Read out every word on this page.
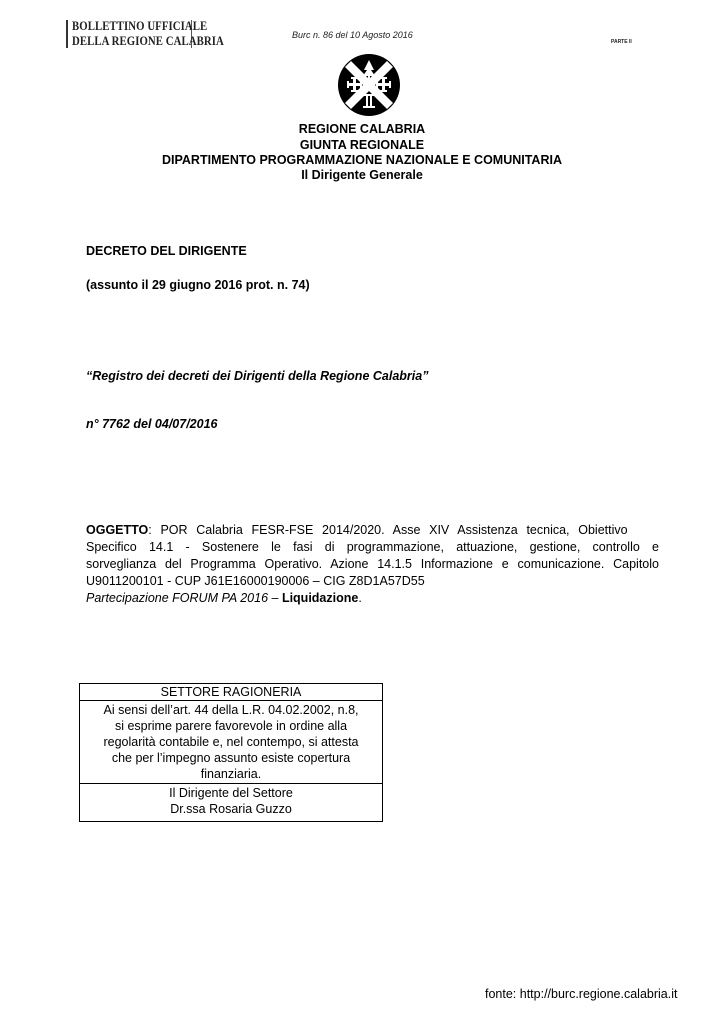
BOLLETTINO UFFICIALE
DELLA REGIONE CALABRIA	Burc n. 86 del 10 Agosto 2016
PARTE II
REGIONE CALABRIA
GIUNTA REGIONALE
DIPARTIMENTO PROGRAMMAZIONE NAZIONALE E COMUNITARIA
Il Dirigente Generale
DECRETO DEL DIRIGENTE
(assunto il 29 giugno 2016 prot. n. 74)
“Registro dei decreti dei Dirigenti della Regione Calabria”
n° 7762 del 04/07/2016
OGGETTO: POR Calabria FESR-FSE 2014/2020. Asse XIV Assistenza tecnica, Obiettivo
Specifico 14.1 - Sostenere le fasi di programmazione, attuazione, gestione, controllo e
sorveglianza del Programma Operativo. Azione 14.1.5 Informazione e comunicazione. Capitolo
U9011200101 - CUP J61E16000190006 – CIG Z8D1A57D55
Partecipazione FORUM PA 2016 – Liquidazione.
SETTORE RAGIONERIA
Ai sensi dell’art. 44 della L.R. 04.02.2002, n.8,
si esprime parere favorevole in ordine alla
regolarità contabile e, nel contempo, si attesta
che per l’impegno assunto esiste copertura
finanziaria.
Il Dirigente del Settore
Dr.ssa Rosaria Guzzo
fonte: http://burc.regione.calabria.it
